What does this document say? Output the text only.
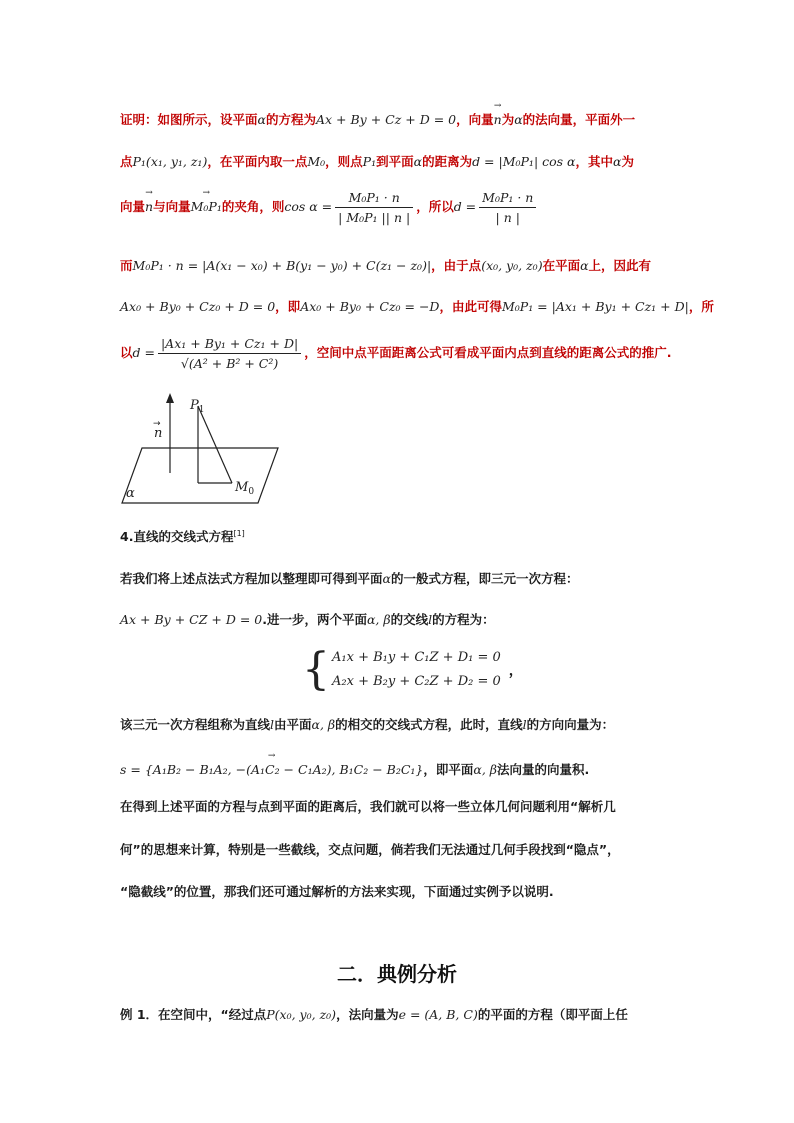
证明：如图所示，设平面α的方程为Ax + By + Cz + D = 0，向量→ n为α的法向量，平面外一
点P₁(x₁, y₁, z₁)，在平面内取一点M₀，则点P₁到平面α的距离为d = |M₀P₁| cos α，其中α为
向量→ n与向量→ M₀P₁的夹角，则$\cos \alpha = \frac{\text{M₀P₁ · n}}{\text{| M₀P₁ || n |}}$ ，所以$d = \frac{\text{M₀P₁ · n}}{| n |}$
而M₀P₁ · n = |A(x₁ − x₀) + B(y₁ − y₀) + C(z₁ − z₀)|，由于点(x₀, y₀, z₀)在平面α上，因此有
Ax₀ + By₀ + Cz₀ + D = 0，即Ax₀ + By₀ + Cz₀ = −D，由此可得M₀P₁ = |Ax₁ + By₁ + Cz₁ + D|，所
以$d = \frac{\text{|Ax₁ + By₁ + Cz₁ + D|}}{\text{√(A² + B² + C²)}}$ ，空间中点平面距离公式可看成平面内点到直线的距离公式的推广.
$P_1$
n
→
$M_0$
α
4.直线的交线式方程[1]
若我们将上述点法式方程加以整理即可得到平面α的一般式方程，即三元一次方程：
Ax + By + CZ + D = 0.进一步，两个平面α, β的交线l的方程为：
{ A₁x + B₁y + C₁Z + D₁ = 0
A₂x + B₂y + C₂Z + D₂ = 0
，
该三元一次方程组称为直线l由平面α, β的相交的交线式方程，此时，直线l的方向向量为：
→ s = {A₁B₂ − B₁A₂, −(A₁C₂ − C₁A₂), B₁C₂ − B₂C₁}，即平面α, β法向量的向量积.
在得到上述平面的方程与点到平面的距离后，我们就可以将一些立体几何问题利用“解析几
何”的思想来计算，特别是一些截线，交点问题，倘若我们无法通过几何手段找到“隐点”，
“隐截线”的位置，那我们还可通过解析的方法来实现，下面通过实例予以说明.
二．典例分析
例 1．在空间中，“经过点P(x₀, y₀, z₀)，法向量为e = (A, B, C)的平面的方程（即平面上任
